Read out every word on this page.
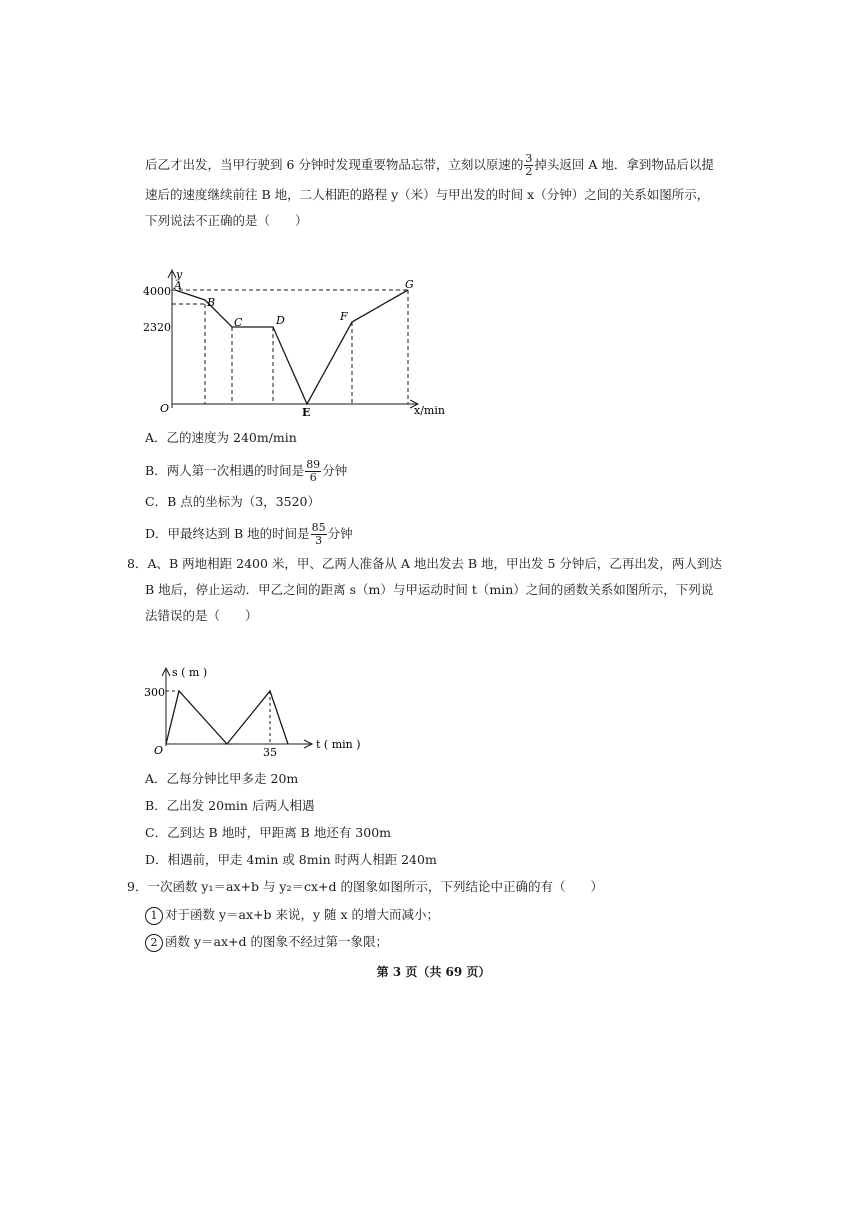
后乙才出发，当甲行驶到 6 分钟时发现重要物品忘带，立刻以原速的 $\frac{3}{2}$ 掉头返回 A 地．拿到物品后以提
速后的速度继续前往 B 地，二人相距的路程 y（米）与甲出发的时间 x（分钟）之间的关系如图所示，
下列说法不正确的是（　　）
y
4000
2320
O
A
B
C	D
E
F
G
x/min
s ( m )
300
O	35
t ( min )
A．乙的速度为 240m/min
B．两人第一次相遇的时间是 $\frac{89}{6}$ 分钟
C．B 点的坐标为（3，3520）
D．甲最终达到 B 地的时间是 $\frac{85}{3}$ 分钟
8．A、B 两地相距 2400 米，甲、乙两人准备从 A 地出发去 B 地，甲出发 5 分钟后，乙再出发，两人到达
B 地后，停止运动．甲乙之间的距离 s（m）与甲运动时间 t（min）之间的函数关系如图所示，下列说
法错误的是（　　）
A．乙每分钟比甲多走 20m
B．乙出发 20min 后两人相遇
C．乙到达 B 地时，甲距离 B 地还有 300m
D．相遇前，甲走 4min 或 8min 时两人相距 240m
9．一次函数 y₁＝ax+b 与 y₂＝cx+d 的图象如图所示，下列结论中正确的有（　　）
1 对于函数 y＝ax+b 来说，y 随 x 的增大而减小；
2 函数 y＝ax+d 的图象不经过第一象限；
第 3 页（共 69 页）
